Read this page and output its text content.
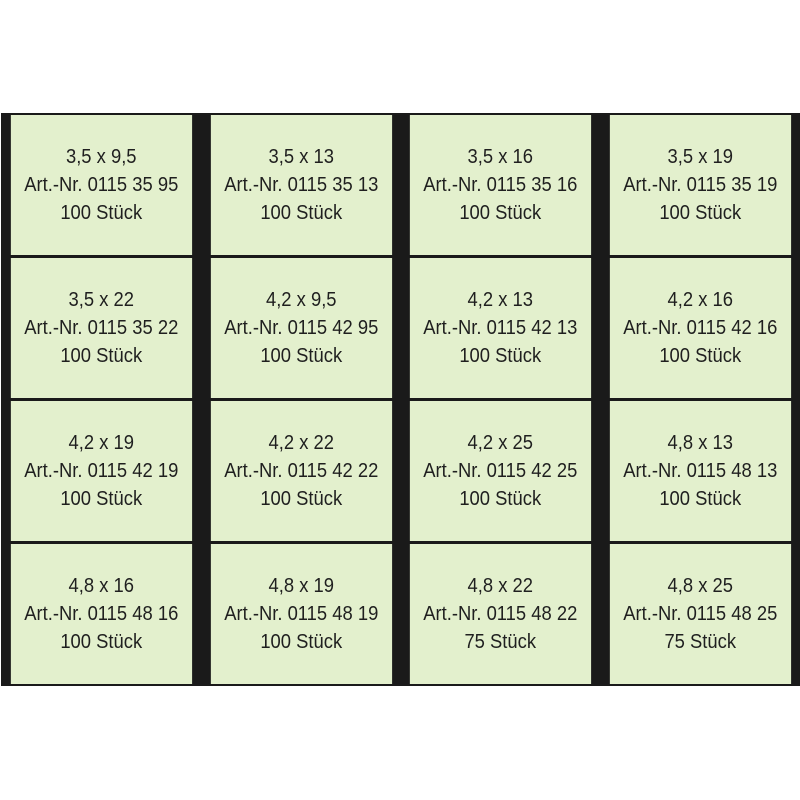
3,5 x 9,5
Art.-Nr. 0115 35 95
100 Stück
3,5 x 13
Art.-Nr. 0115 35 13
100 Stück
3,5 x 16
Art.-Nr. 0115 35 16
100 Stück
3,5 x 19
Art.-Nr. 0115 35 19
100 Stück
3,5 x 22
Art.-Nr. 0115 35 22
100 Stück
4,2 x 9,5
Art.-Nr. 0115 42 95
100 Stück
4,2 x 13
Art.-Nr. 0115 42 13
100 Stück
4,2 x 16
Art.-Nr. 0115 42 16
100 Stück
4,2 x 19
Art.-Nr. 0115 42 19
100 Stück
4,2 x 22
Art.-Nr. 0115 42 22
100 Stück
4,2 x 25
Art.-Nr. 0115 42 25
100 Stück
4,8 x 13
Art.-Nr. 0115 48 13
100 Stück
4,8 x 16
Art.-Nr. 0115 48 16
100 Stück
4,8 x 19
Art.-Nr. 0115 48 19
100 Stück
4,8 x 22
Art.-Nr. 0115 48 22
75 Stück
4,8 x 25
Art.-Nr. 0115 48 25
75 Stück
